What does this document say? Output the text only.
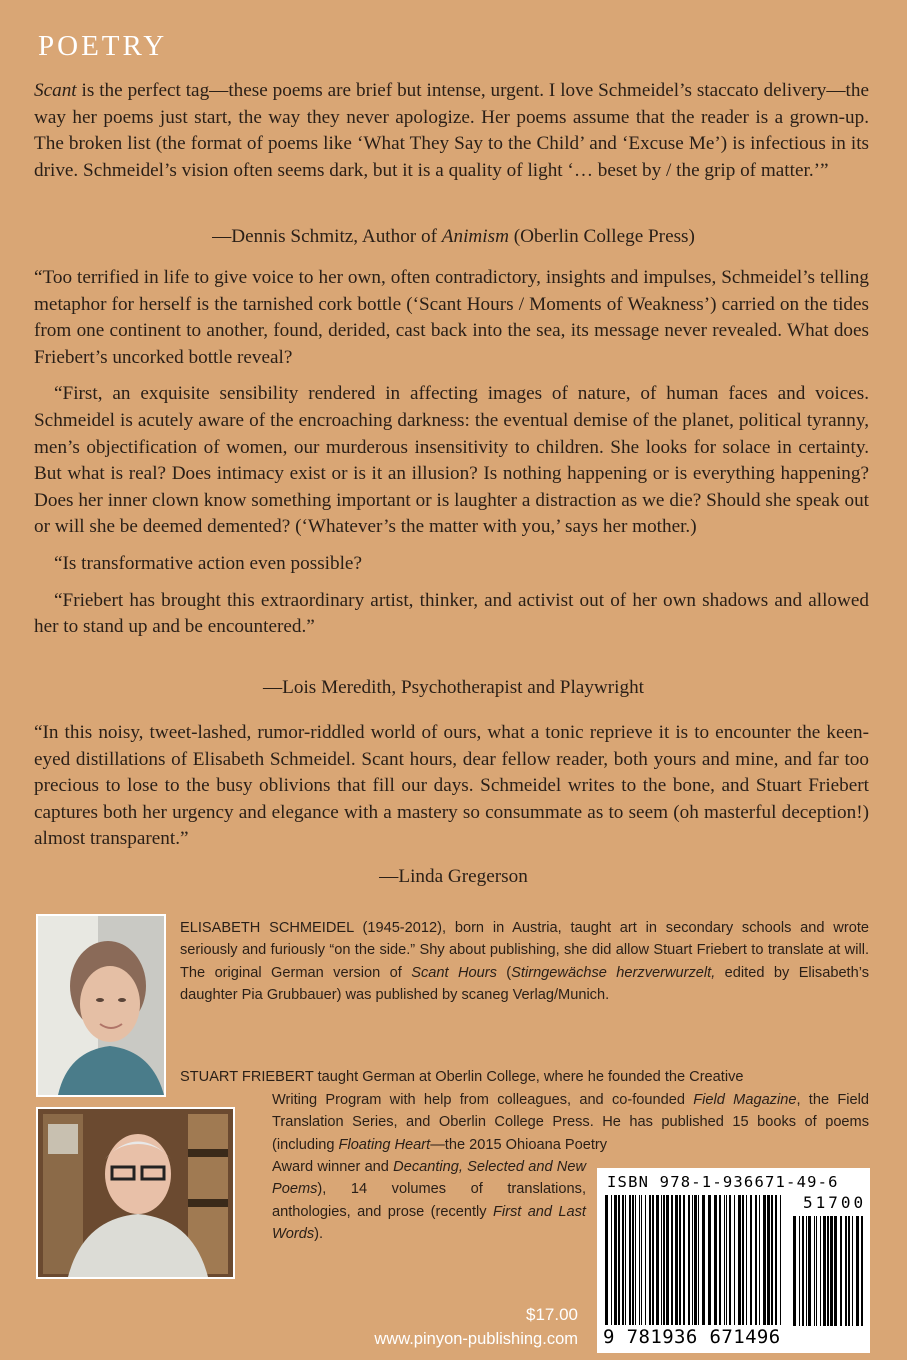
POETRY

Scant is the perfect tag—these poems are brief but intense, urgent. I love Schmeidel’s staccato delivery—the way her poems just start, the way they never apologize. Her poems assume that the reader is a grown-up. The broken list (the format of poems like ‘What They Say to the Child’ and ‘Excuse Me’) is infectious in its drive. Schmeidel’s vision often seems dark, but it is a quality of light ‘… beset by / the grip of matter.’”

—Dennis Schmitz, Author of Animism (Oberlin College Press)

“Too terrified in life to give voice to her own, often contradictory, insights and impulses, Schmeidel’s telling metaphor for herself is the tarnished cork bottle (‘Scant Hours / Moments of Weakness’) carried on the tides from one continent to another, found, derided, cast back into the sea, its message never revealed. What does Friebert’s uncorked bottle reveal?

“First, an exquisite sensibility rendered in affecting images of nature, of human faces and voices. Schmeidel is acutely aware of the encroaching darkness: the eventual demise of the planet, political tyranny, men’s objectification of women, our murderous insensitivity to children. She looks for solace in certainty. But what is real? Does intimacy exist or is it an illusion? Is nothing happening or is everything happening? Does her inner clown know something important or is laughter a distraction as we die? Should she speak out or will she be deemed demented? (‘Whatever’s the matter with you,’ says her mother.)

“Is transformative action even possible?

“Friebert has brought this extraordinary artist, thinker, and activist out of her own shadows and allowed her to stand up and be encountered.”

—Lois Meredith, Psychotherapist and Playwright

“In this noisy, tweet-lashed, rumor-riddled world of ours, what a tonic reprieve it is to encounter the keen-eyed distillations of Elisabeth Schmeidel. Scant hours, dear fellow reader, both yours and mine, and far too precious to lose to the busy oblivions that fill our days. Schmeidel writes to the bone, and Stuart Friebert captures both her urgency and elegance with a mastery so consummate as to seem (oh masterful deception!) almost transparent.”

—Linda Gregerson

ELISABETH SCHMEIDEL (1945-2012), born in Austria, taught art in secondary schools and wrote seriously and furiously “on the side.” Shy about publishing, she did allow Stuart Friebert to translate at will. The original German version of Scant Hours (Stirngewächse herzverwurzelt, edited by Elisabeth’s daughter Pia Grubbauer) was published by scaneg Verlag/Munich.

STUART FRIEBERT taught German at Oberlin College, where he founded the Creative

Writing Program with help from colleagues, and co-founded Field Magazine, the Field Translation Series, and Oberlin College Press. He has published 15 books of poems (including Floating Heart—the 2015 Ohioana Poetry

Award winner and Decanting, Selected and New Poems), 14 volumes of translations, anthologies, and prose (recently First and Last Words).

$17.00
www.pinyon-publishing.com
ISBN 978-1-936671-49-6
51700
9 781936 671496
